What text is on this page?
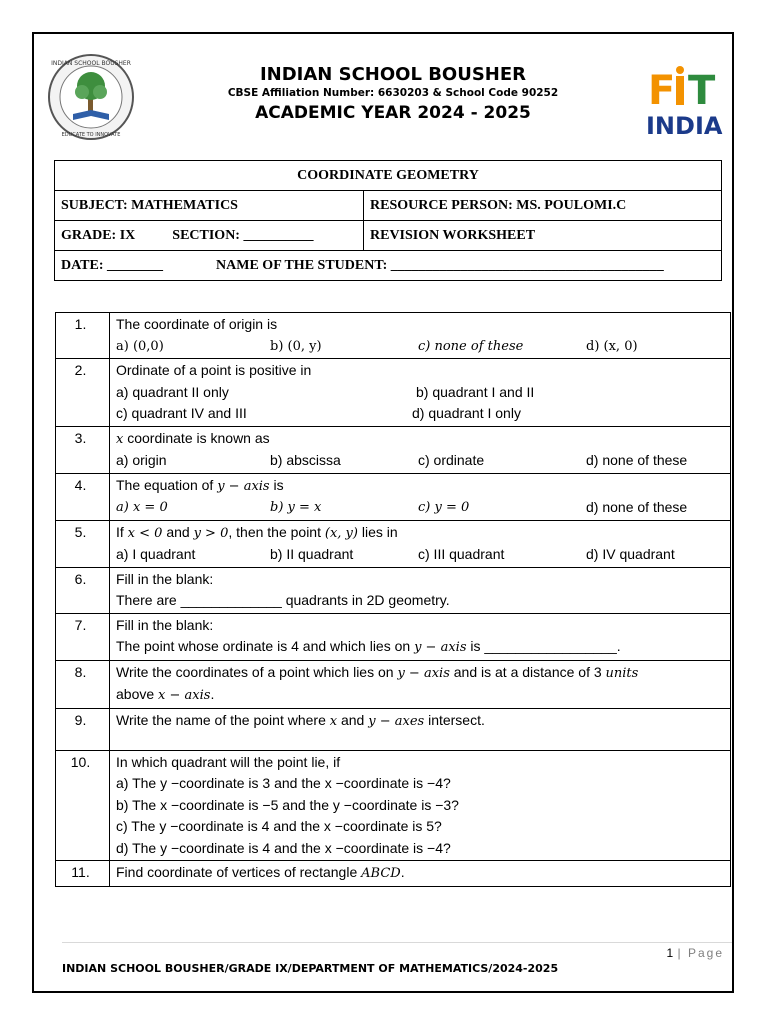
INDIAN SCHOOL BOUSHER
EDUCATE TO INNOVATE
INDIAN SCHOOL BOUSHER
CBSE Affiliation Number: 6630203 & School Code 90252
ACADEMIC YEAR 2024 - 2025	F T
INDIA
COORDINATE GEOMETRY	
SUBJECT: MATHEMATICS	RESOURCE PERSON: MS. POULOMI.C
GRADE: IX SECTION: __________	REVISION WORKSHEET
DATE: ________ NAME OF THE STUDENT: _______________________________________	
1.	The coordinate of origin is
a) (0,0) b) (0, y) c) none of these d) (x, 0)

2.	Ordinate of a point is positive in
a) quadrant II only b) quadrant I and II
c) quadrant IV and III d) quadrant I only

3.	x coordinate is known as
a) origin b) abscissa c) ordinate d) none of these

4.	The equation of y − axis is
a) x = 0 b) y = x c) y = 0 d) none of these

5.	If x < 0 and y > 0, then the point (x, y) lies in
a) I quadrant b) II quadrant c) III quadrant d) IV quadrant

6.	Fill in the blank:
There are _____________ quadrants in 2D geometry.

7.	Fill in the blank:
The point whose ordinate is 4 and which lies on y − axis is _________________.

8.	Write the coordinates of a point which lies on y − axis and is at a distance of 3 units
above x − axis.

9.	Write the name of the point where x and y − axes intersect.

10.	In which quadrant will the point lie, if
a) The y −coordinate is 3 and the x −coordinate is −4?
b) The x −coordinate is −5 and the y −coordinate is −3?
c) The y −coordinate is 4 and the x −coordinate is 5?
d) The y −coordinate is 4 and the x −coordinate is −4?

11.	Find coordinate of vertices of rectangle ABCD.
1 | Page
INDIAN SCHOOL BOUSHER/GRADE IX/DEPARTMENT OF MATHEMATICS/2024-2025
